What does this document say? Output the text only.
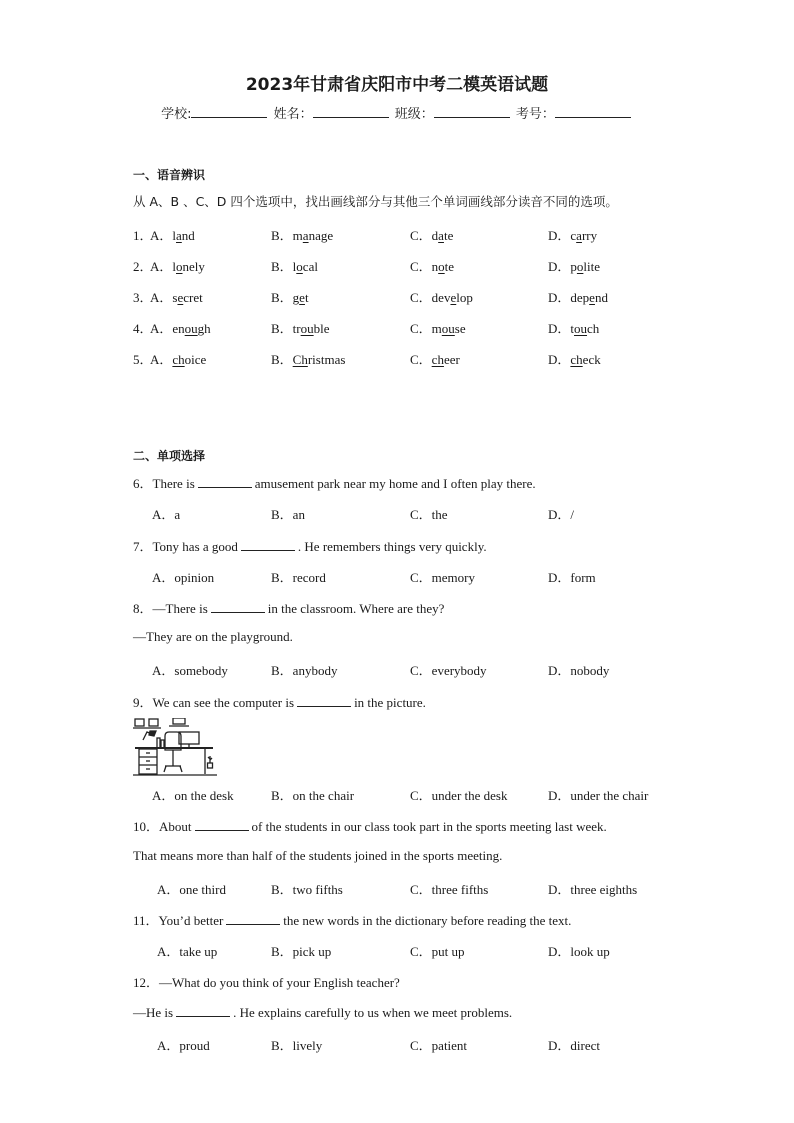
2023年甘肃省庆阳市中考二模英语试题
学校:	姓名：	班级：	考号：
一、语音辨识
从 A、B 、C、D 四个选项中，找出画线部分与其他三个单词画线部分读音不同的选项。
1．
A．land	B．manage	C．date	D．carry
2．
A．lonely	B．local	C．note	D．polite
3．
A．secret	B．get	C．develop	D．depend
4．
A．enough	B．trouble	C．mouse	D．touch
5．
A．choice	B．Christmas	C．cheer	D．check
二、单项选择
6．There is	amusement park near my home and I often play there.
A．a	B．an	C．the	D．/
7．Tony has a good	. He remembers things very quickly.
A．opinion	B．record	C．memory	D．form
8．—There is	in the classroom. Where are they?
—They are on the playground.
A．somebody	B．anybody	C．everybody	D．nobody
9．We can see the computer is	in the picture.
A．on the desk	B．on the chair	C．under the desk	D．under the chair
10．About	of the students in our class took part in the sports meeting last week.
That means more than half of the students joined in the sports meeting.
A．one third	B．two fifths	C．three fifths	D．three eighths
11．You’d better	the new words in the dictionary before reading the text.
A．take up	B．pick up	C．put up	D．look up
12．—What do you think of your English teacher?
—He is	. He explains carefully to us when we meet problems.
A．proud	B．lively	C．patient	D．direct
